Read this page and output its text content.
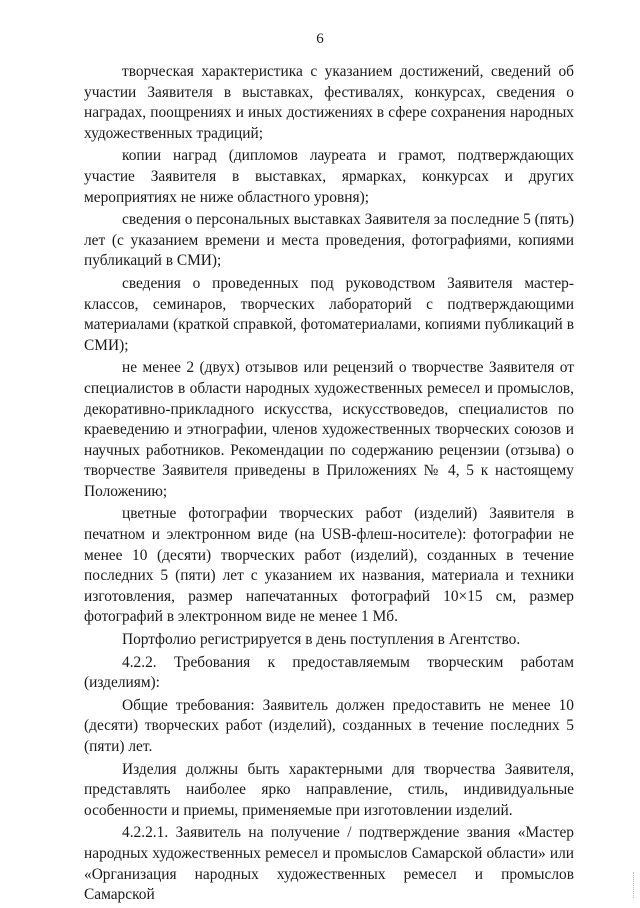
6

творческая характеристика с указанием достижений, сведений об участии Заявителя в выставках, фестивалях, конкурсах, сведения о наградах, поощрениях и иных достижениях в сфере сохранения народных художественных традиций;

копии наград (дипломов лауреата и грамот, подтверждающих участие Заявителя в выставках, ярмарках, конкурсах и других мероприятиях не ниже областного уровня);

сведения о персональных выставках Заявителя за последние 5 (пять) лет (с указанием времени и места проведения, фотографиями, копиями публикаций в СМИ);

сведения о проведенных под руководством Заявителя мастер-классов, семинаров, творческих лабораторий с подтверждающими материалами (краткой справкой, фотоматериалами, копиями публикаций в СМИ);

не менее 2 (двух) отзывов или рецензий о творчестве Заявителя от специалистов в области народных художественных ремесел и промыслов, декоративно-прикладного искусства, искусствоведов, специалистов по краеведению и этнографии, членов художественных творческих союзов и научных работников. Рекомендации по содержанию рецензии (отзыва) о творчестве Заявителя приведены в Приложениях № 4, 5 к настоящему Положению;

цветные фотографии творческих работ (изделий) Заявителя в печатном и электронном виде (на USB-флеш-носителе): фотографии не менее 10 (десяти) творческих работ (изделий), созданных в течение последних 5 (пяти) лет с указанием их названия, материала и техники изготовления, размер напечатанных фотографий 10×15 см, размер фотографий в электронном виде не менее 1 Мб.

Портфолио регистрируется в день поступления в Агентство.

4.2.2. Требования к предоставляемым творческим работам (изделиям):

Общие требования: Заявитель должен предоставить не менее 10 (десяти) творческих работ (изделий), созданных в течение последних 5 (пяти) лет.

Изделия должны быть характерными для творчества Заявителя, представлять наиболее ярко направление, стиль, индивидуальные особенности и приемы, применяемые при изготовлении изделий.

4.2.2.1. Заявитель на получение / подтверждение звания «Мастер народных художественных ремесел и промыслов Самарской области» или «Организация народных художественных ремесел и промыслов Самарской
